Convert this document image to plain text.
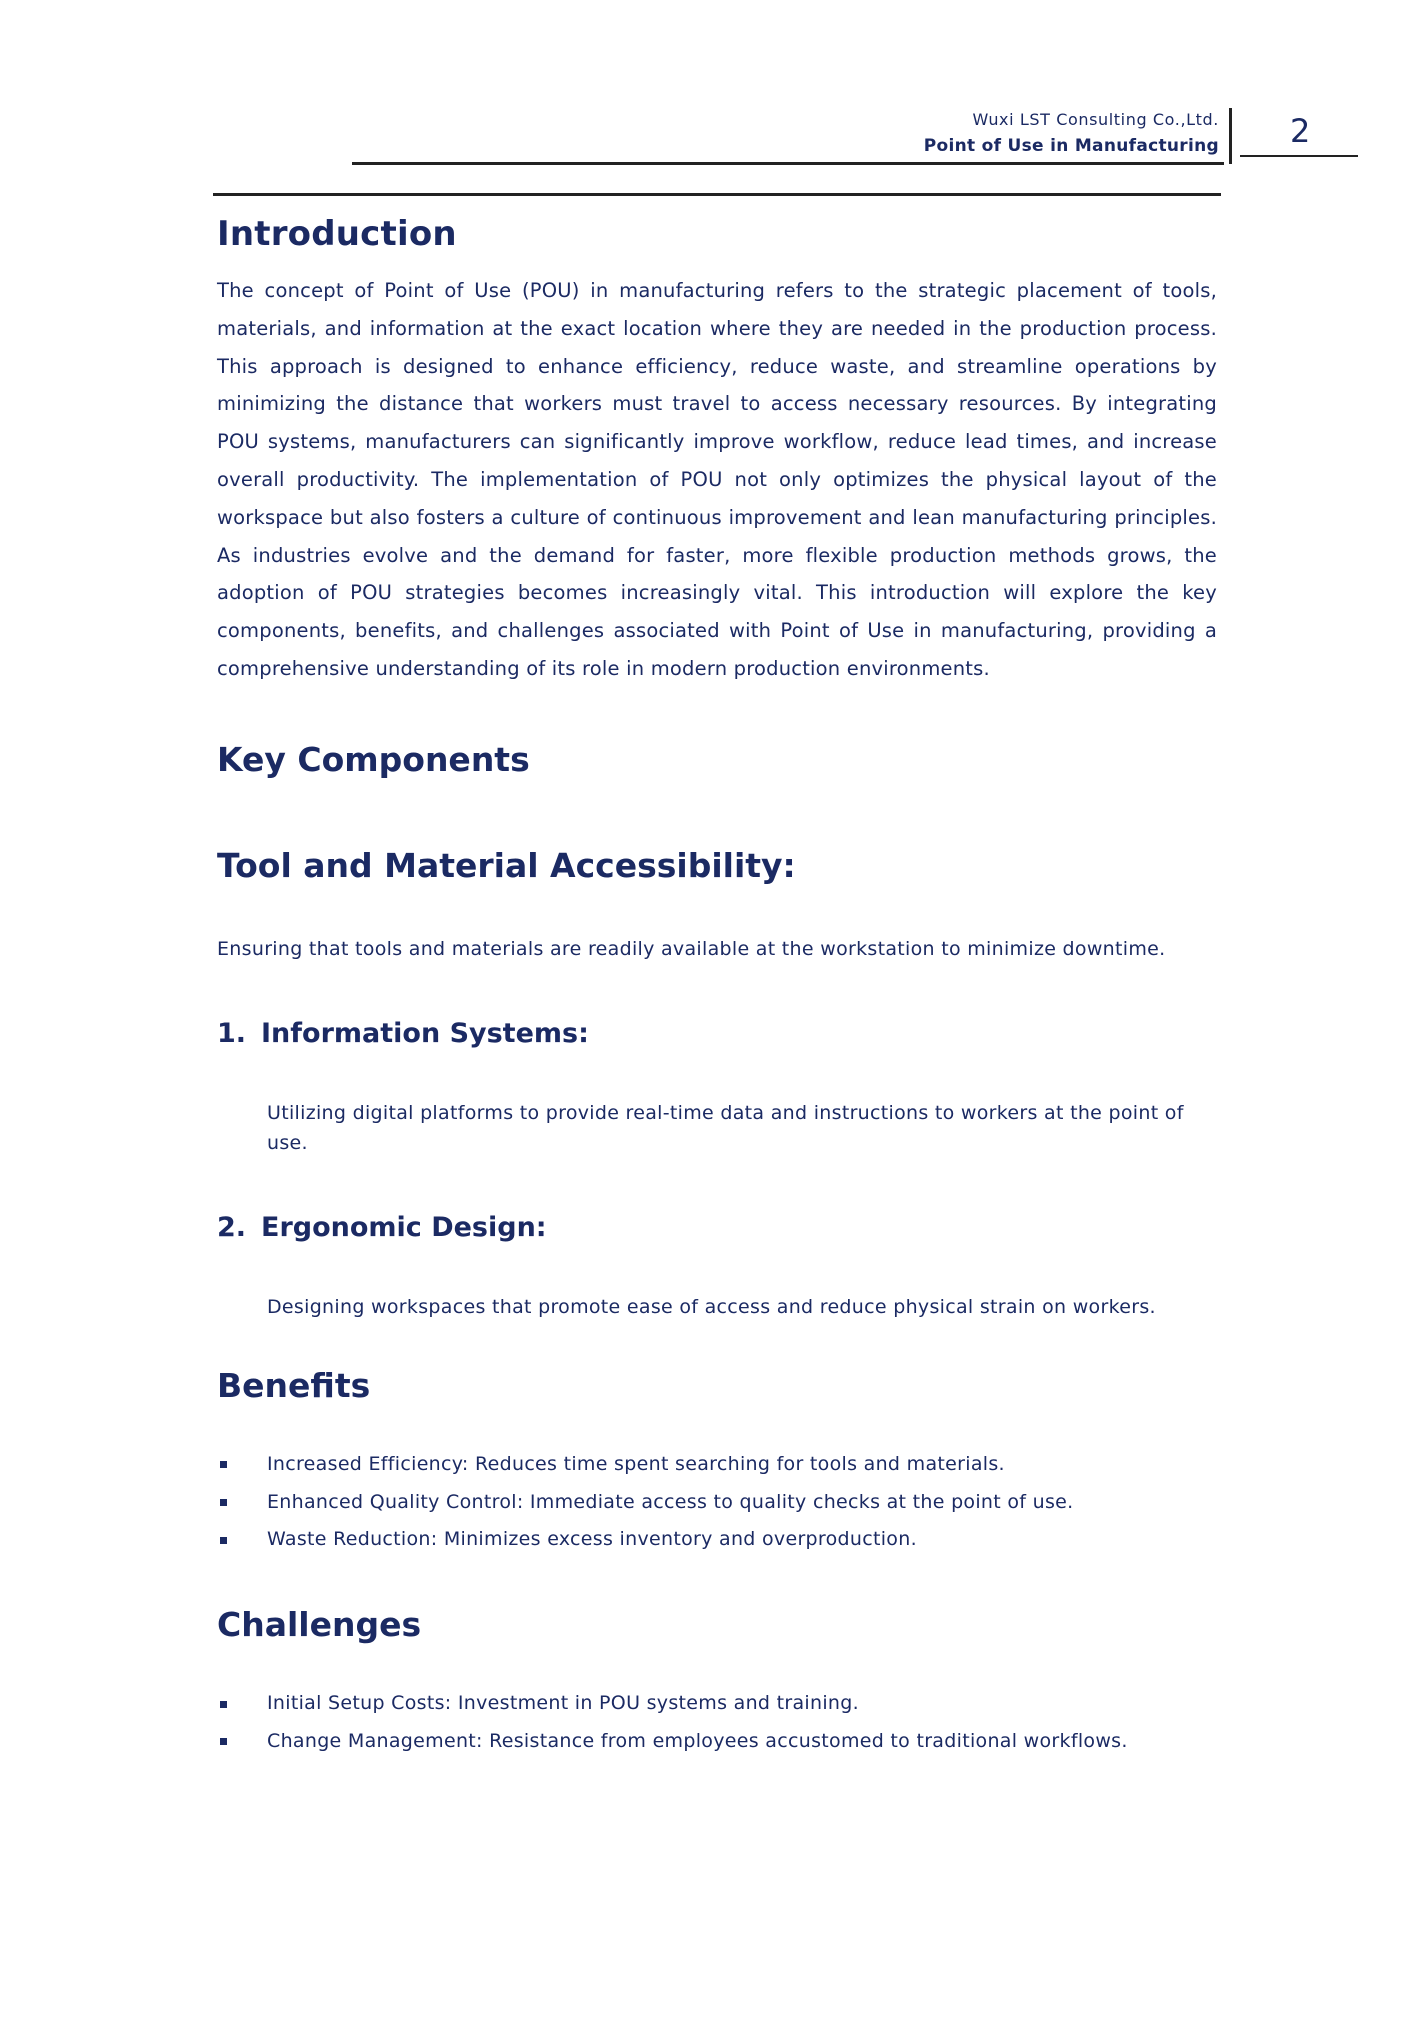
Wuxi LST Consulting Co.,Ltd.
Point of Use in Manufacturing 2
Introduction

The concept of Point of Use (POU) in manufacturing refers to the strategic placement of tools, materials, and information at the exact location where they are needed in the production process. This approach is designed to enhance efficiency, reduce waste, and streamline operations by minimizing the distance that workers must travel to access necessary resources. By integrating POU systems, manufacturers can significantly improve workflow, reduce lead times, and increase overall productivity. The implementation of POU not only optimizes the physical layout of the workspace but also fosters a culture of continuous improvement and lean manufacturing principles. As industries evolve and the demand for faster, more flexible production methods grows, the adoption of POU strategies becomes increasingly vital. This introduction will explore the key components, benefits, and challenges associated with Point of Use in manufacturing, providing a comprehensive understanding of its role in modern production environments.

Key Components
Tool and Material Accessibility:
Ensuring that tools and materials are readily available at the workstation to minimize downtime.
1. Information Systems:
Utilizing digital platforms to provide real-time data and instructions to workers at the point of use.
2. Ergonomic Design:
Designing workspaces that promote ease of access and reduce physical strain on workers.
Benefits
Increased Efficiency: Reduces time spent searching for tools and materials.
Enhanced Quality Control: Immediate access to quality checks at the point of use.
Waste Reduction: Minimizes excess inventory and overproduction.
Challenges
Initial Setup Costs: Investment in POU systems and training.
Change Management: Resistance from employees accustomed to traditional workflows.
